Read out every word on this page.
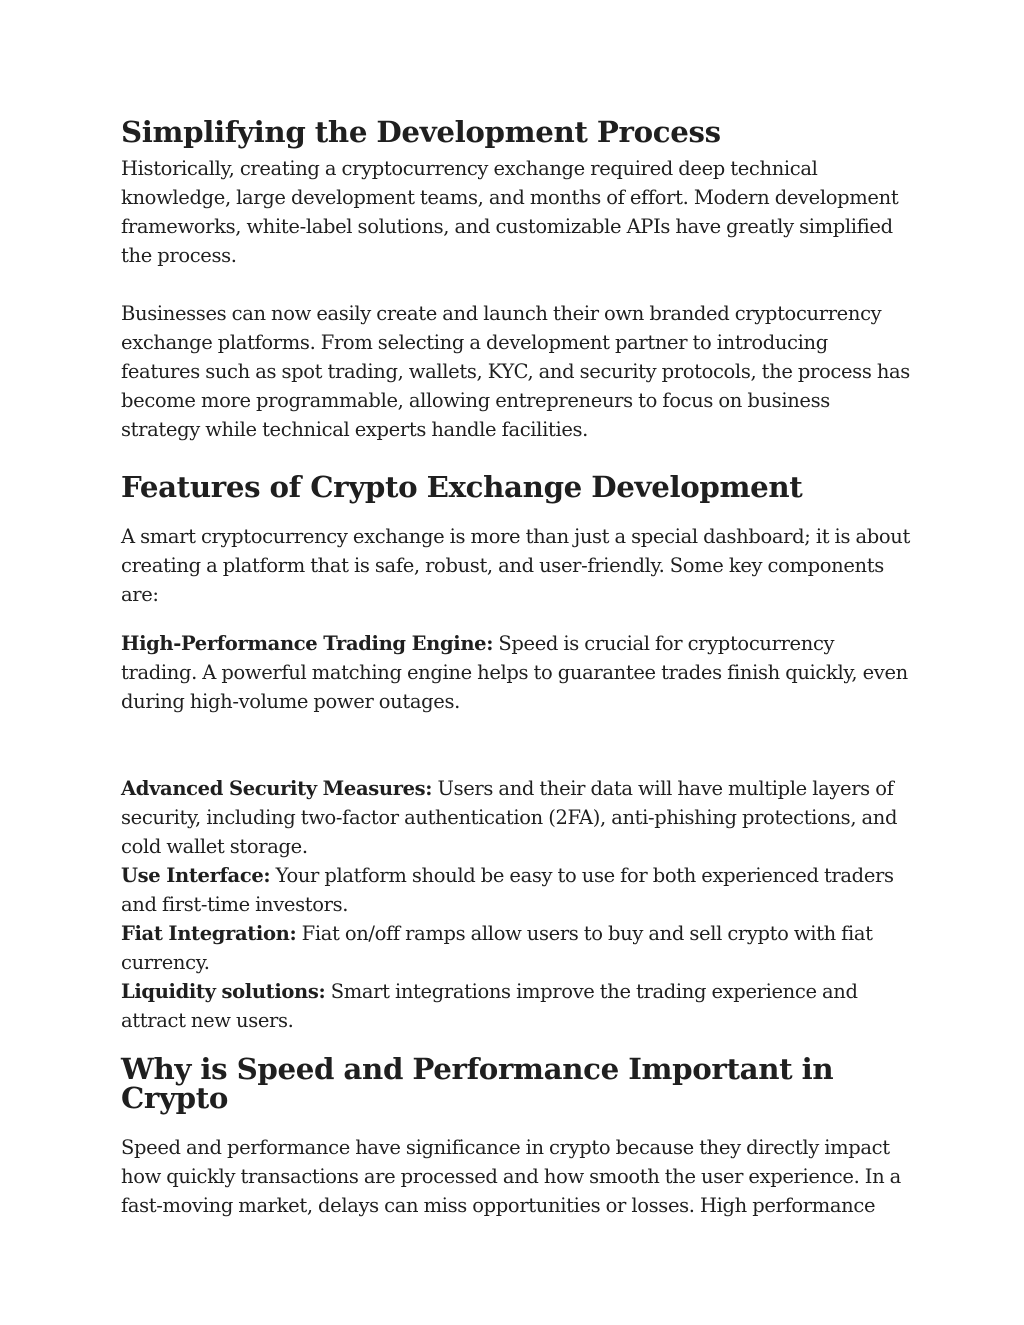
Simplifying the Development Process

Historically, creating a cryptocurrency exchange required deep technical knowledge, large development teams, and months of effort. Modern development frameworks, white-label solutions, and customizable APIs have greatly simplified the process.

Businesses can now easily create and launch their own branded cryptocurrency exchange platforms. From selecting a development partner to introducing features such as spot trading, wallets, KYC, and security protocols, the process has become more programmable, allowing entrepreneurs to focus on business strategy while technical experts handle facilities.

Features of Crypto Exchange Development

A smart cryptocurrency exchange is more than just a special dashboard; it is about creating a platform that is safe, robust, and user-friendly. Some key components are:

High-Performance Trading Engine: Speed is crucial for cryptocurrency trading. A powerful matching engine helps to guarantee trades finish quickly, even during high-volume power outages.

Advanced Security Measures: Users and their data will have multiple layers of security, including two-factor authentication (2FA), anti-phishing protections, and cold wallet storage.

Use Interface: Your platform should be easy to use for both experienced traders and first-time investors.

Fiat Integration: Fiat on/off ramps allow users to buy and sell crypto with fiat currency.

Liquidity solutions: Smart integrations improve the trading experience and attract new users.

Why is Speed and Performance Important in Crypto

Speed and performance have significance in crypto because they directly impact how quickly transactions are processed and how smooth the user experience. In a fast-moving market, delays can miss opportunities or losses. High performance
